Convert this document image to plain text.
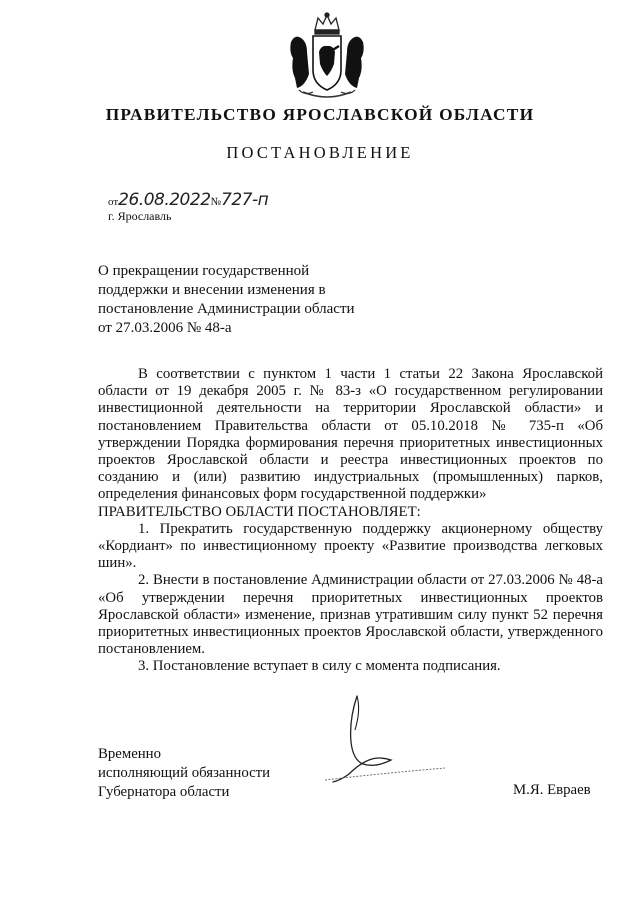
ПРАВИТЕЛЬСТВО ЯРОСЛАВСКОЙ ОБЛАСТИ
ПОСТАНОВЛЕНИЕ
от26.08.2022№727-п
г. Ярославль
О прекращении государственной поддержки и внесении изменения в постановление Администрации области от 27.03.2006 № 48-а

В соответствии с пунктом 1 части 1 статьи 22 Закона Ярославской области от 19 декабря 2005 г. № 83-з «О государственном регулировании инвестиционной деятельности на территории Ярославской области» и постановлением Правительства области от 05.10.2018 № 735-п «Об утверждении Порядка формирования перечня приоритетных инвестиционных проектов Ярославской области и реестра инвестиционных проектов по созданию и (или) развитию индустриальных (промышленных) парков, определения финансовых форм государственной поддержки»

ПРАВИТЕЛЬСТВО ОБЛАСТИ ПОСТАНОВЛЯЕТ:

1. Прекратить государственную поддержку акционерному обществу «Кордиант» по инвестиционному проекту «Развитие производства легковых шин».

2. Внести в постановление Администрации области от 27.03.2006 № 48-а «Об утверждении перечня приоритетных инвестиционных проектов Ярославской области» изменение, признав утратившим силу пункт 52 перечня приоритетных инвестиционных проектов Ярославской области, утвержденного постановлением.

3. Постановление вступает в силу с момента подписания.

Временно
исполняющий обязанности
Губернатора области	М.Я. Евраев
